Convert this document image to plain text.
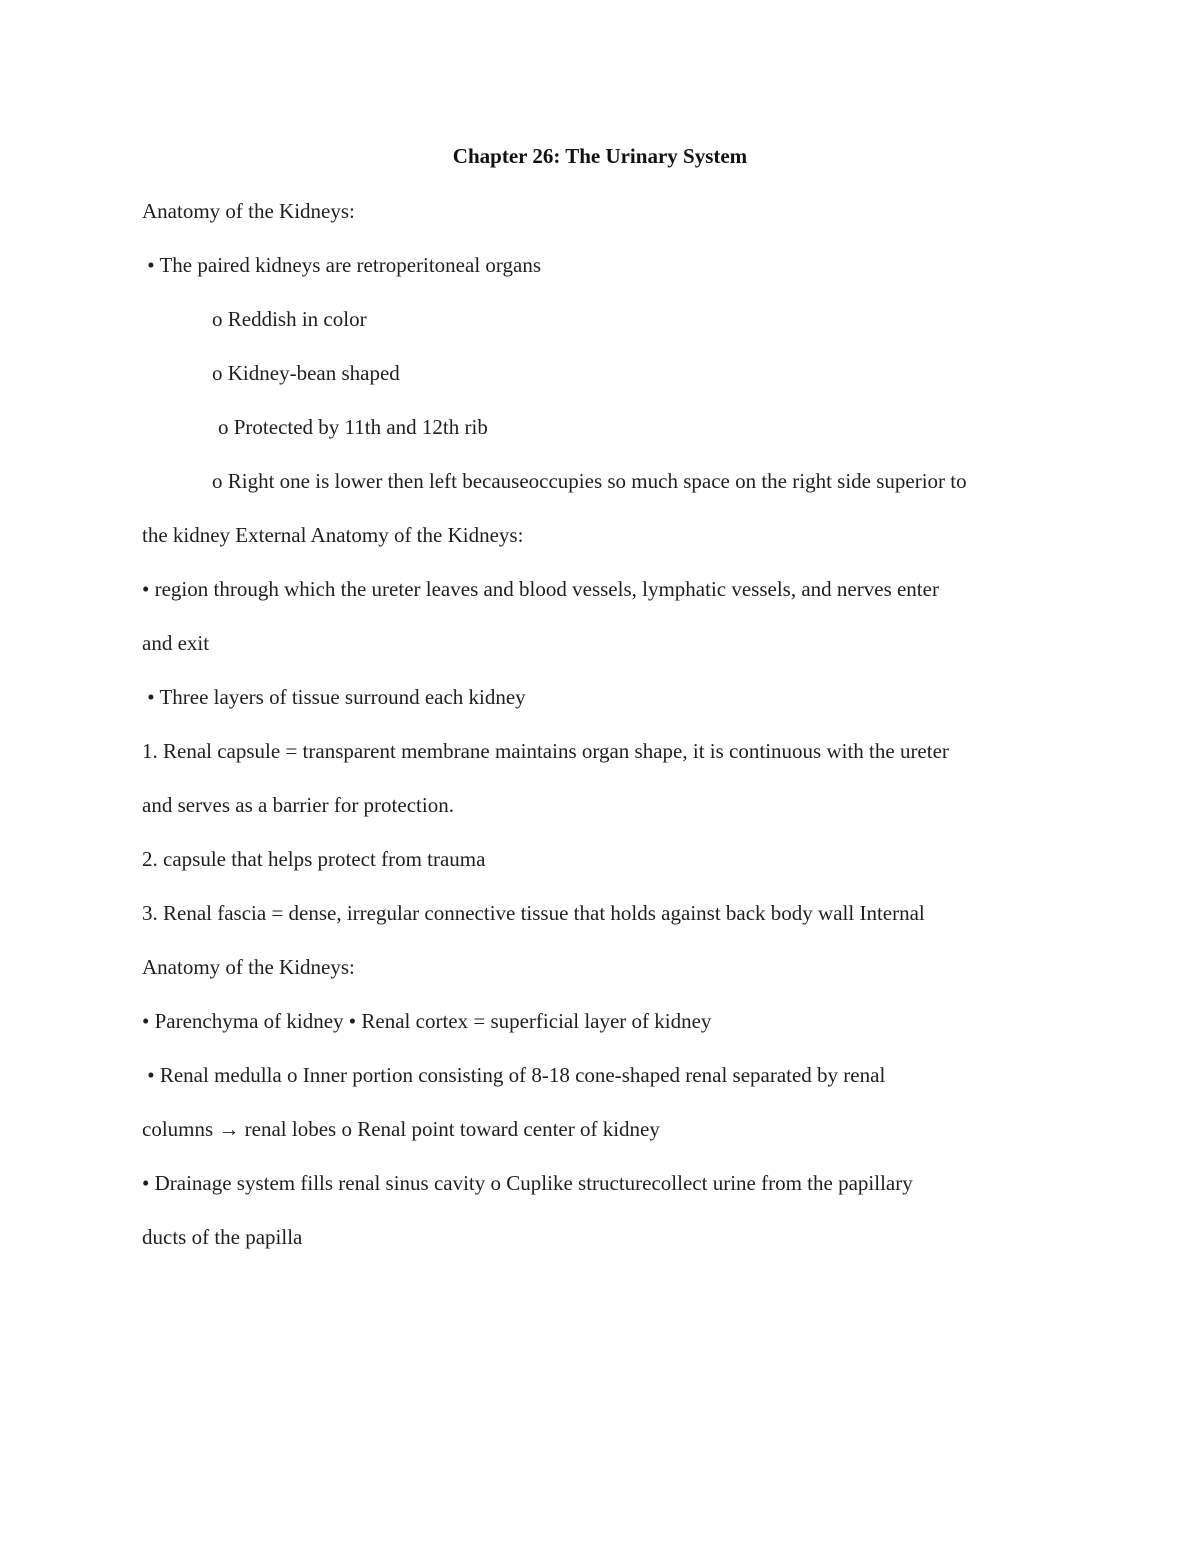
Chapter 26: The Urinary System

Anatomy of the Kidneys:

• The paired kidneys are retroperitoneal organs

o Reddish in color

o Kidney-bean shaped

o Protected by 11th and 12th rib

o Right one is lower then left becauseoccupies so much space on the right side superior to

the kidney External Anatomy of the Kidneys:

• region through which the ureter leaves and blood vessels, lymphatic vessels, and nerves enter

and exit

• Three layers of tissue surround each kidney

1. Renal capsule = transparent membrane maintains organ shape, it is continuous with the ureter

and serves as a barrier for protection.

2. capsule that helps protect from trauma

3. Renal fascia = dense, irregular connective tissue that holds against back body wall Internal

Anatomy of the Kidneys:

• Parenchyma of kidney • Renal cortex = superficial layer of kidney

• Renal medulla o Inner portion consisting of 8-18 cone-shaped renal separated by renal

columns → renal lobes o Renal point toward center of kidney

• Drainage system fills renal sinus cavity o Cuplike structurecollect urine from the papillary

ducts of the papilla
